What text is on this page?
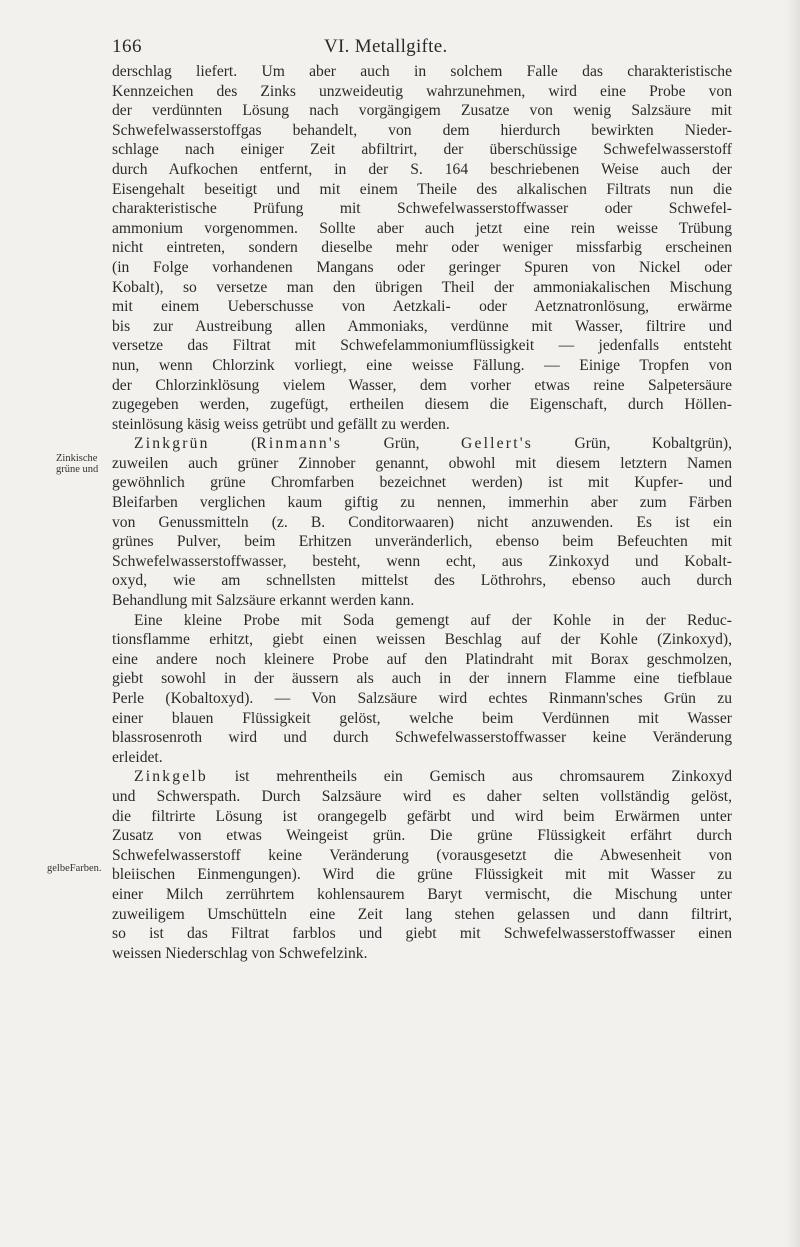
166	VI. Metallgifte.
Zinkische
grüne und
gelbeFarben.
derschlag liefert. Um aber auch in solchem Falle das charakteristische
Kennzeichen des Zinks unzweideutig wahrzunehmen, wird eine Probe von
der verdünnten Lösung nach vorgängigem Zusatze von wenig Salzsäure mit
Schwefelwasserstoffgas behandelt, von dem hierdurch bewirkten Nieder-
schlage nach einiger Zeit abfiltrirt, der überschüssige Schwefelwasserstoff
durch Aufkochen entfernt, in der S. 164 beschriebenen Weise auch der
Eisengehalt beseitigt und mit einem Theile des alkalischen Filtrats nun die
charakteristische Prüfung mit Schwefelwasserstoffwasser oder Schwefel-
ammonium vorgenommen. Sollte aber auch jetzt eine rein weisse Trübung
nicht eintreten, sondern dieselbe mehr oder weniger missfarbig erscheinen
(in Folge vorhandenen Mangans oder geringer Spuren von Nickel oder
Kobalt), so versetze man den übrigen Theil der ammoniakalischen Mischung
mit einem Ueberschusse von Aetzkali- oder Aetznatronlösung, erwärme
bis zur Austreibung allen Ammoniaks, verdünne mit Wasser, filtrire und
versetze das Filtrat mit Schwefelammoniumflüssigkeit — jedenfalls entsteht
nun, wenn Chlorzink vorliegt, eine weisse Fällung. — Einige Tropfen von
der Chlorzinklösung vielem Wasser, dem vorher etwas reine Salpetersäure
zugegeben werden, zugefügt, ertheilen diesem die Eigenschaft, durch Höllen-
steinlösung käsig weiss getrübt und gefällt zu werden.
Zinkgrün (Rinmann's Grün, Gellert's Grün, Kobaltgrün),
zuweilen auch grüner Zinnober genannt, obwohl mit diesem letztern Namen
gewöhnlich grüne Chromfarben bezeichnet werden) ist mit Kupfer- und
Bleifarben verglichen kaum giftig zu nennen, immerhin aber zum Färben
von Genussmitteln (z. B. Conditorwaaren) nicht anzuwenden. Es ist ein
grünes Pulver, beim Erhitzen unveränderlich, ebenso beim Befeuchten mit
Schwefelwasserstoffwasser, besteht, wenn echt, aus Zinkoxyd und Kobalt-
oxyd, wie am schnellsten mittelst des Löthrohrs, ebenso auch durch
Behandlung mit Salzsäure erkannt werden kann.
Eine kleine Probe mit Soda gemengt auf der Kohle in der Reduc-
tionsflamme erhitzt, giebt einen weissen Beschlag auf der Kohle (Zinkoxyd),
eine andere noch kleinere Probe auf den Platindraht mit Borax geschmolzen,
giebt sowohl in der äussern als auch in der innern Flamme eine tiefblaue
Perle (Kobaltoxyd). — Von Salzsäure wird echtes Rinmann'sches Grün zu
einer blauen Flüssigkeit gelöst, welche beim Verdünnen mit Wasser
blassrosenroth wird und durch Schwefelwasserstoffwasser keine Veränderung
erleidet.
Zinkgelb ist mehrentheils ein Gemisch aus chromsaurem Zinkoxyd
und Schwerspath. Durch Salzsäure wird es daher selten vollständig gelöst,
die filtrirte Lösung ist orangegelb gefärbt und wird beim Erwärmen unter
Zusatz von etwas Weingeist grün. Die grüne Flüssigkeit erfährt durch
Schwefelwasserstoff keine Veränderung (vorausgesetzt die Abwesenheit von
bleiischen Einmengungen). Wird die grüne Flüssigkeit mit mit Wasser zu
einer Milch zerrührtem kohlensaurem Baryt vermischt, die Mischung unter
zuweiligem Umschütteln eine Zeit lang stehen gelassen und dann filtrirt,
so ist das Filtrat farblos und giebt mit Schwefelwasserstoffwasser einen
weissen Niederschlag von Schwefelzink.
